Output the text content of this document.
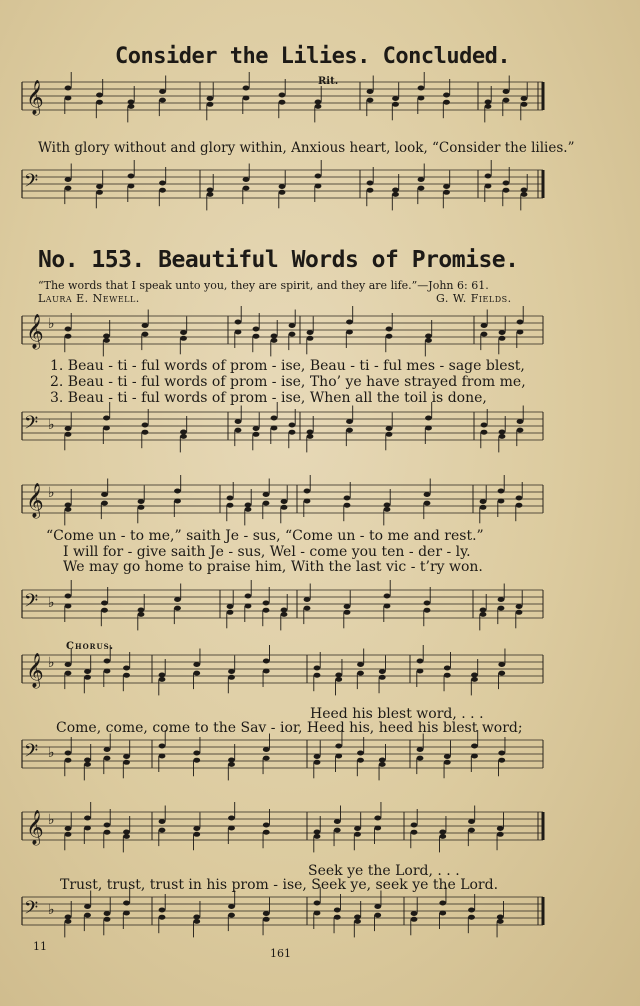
𝄞
𝄢
𝄞 ♭
𝄢 ♭
𝄞 ♭
𝄢 ♭
𝄞 ♭
𝄢 ♭
𝄞 ♭
𝄢 ♭
Consider the Lilies. Concluded.
Rit.
With glory without and glory within, Anxious heart, look, “Consider the lilies.”
No. 153. Beautiful Words of Promise.
“The words that I speak unto you, they are spirit, and they are life.”—John 6: 61.
Laura E. Newell.	G. W. Fields.
1. Beau - ti - ful words of prom - ise, Beau - ti - ful mes - sage blest,
2. Beau - ti - ful words of prom - ise, Tho’ ye have strayed from me,
3. Beau - ti - ful words of prom - ise, When all the toil is done,
“Come un - to me,” saith Je - sus, “Come un - to me and rest.”
I will for - give saith Je - sus, Wel - come you ten - der - ly.
We may go home to praise him, With the last vic - t’ry won.
Chorus.
Heed his blest word, . . .
Come, come, come to the Sav - ior, Heed his, heed his blest word;
Seek ye the Lord, . . .
Trust, trust, trust in his prom - ise, Seek ye, seek ye the Lord.
11
161
